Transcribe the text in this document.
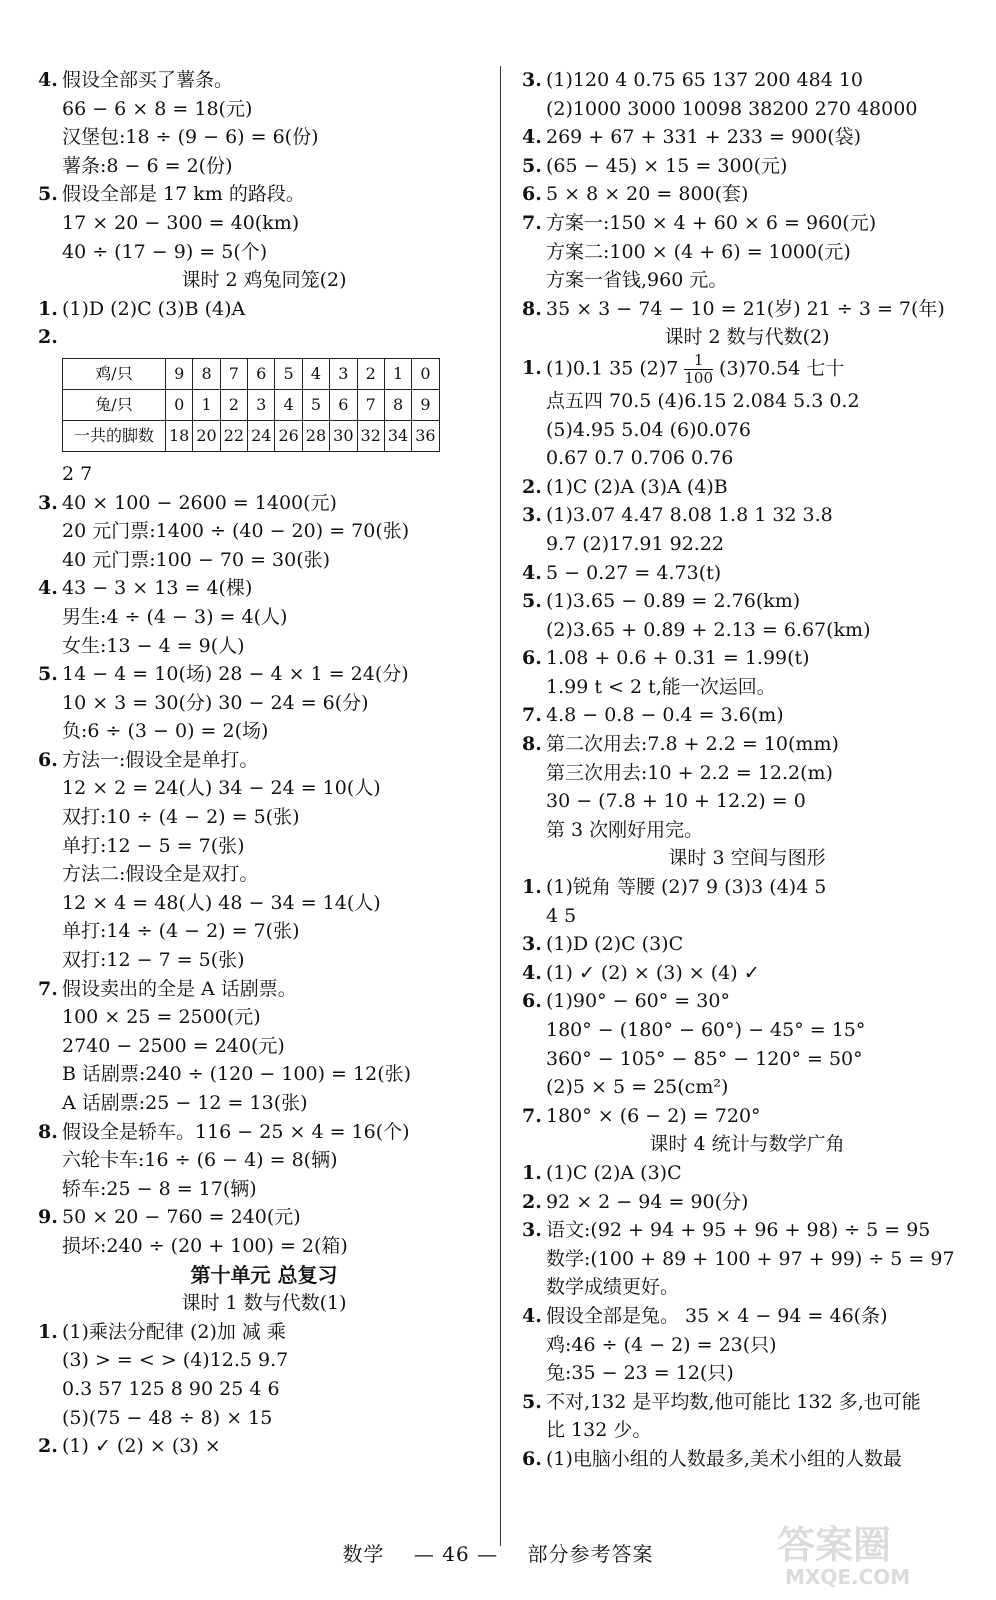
4. 假设全部买了薯条。
66 − 6 × 8 = 18(元)
汉堡包:18 ÷ (9 − 6) = 6(份)
薯条:8 − 6 = 2(份)
5. 假设全部是 17 km 的路段。
17 × 20 − 300 = 40(km)
40 ÷ (17 − 9) = 5(个)
课时 2 鸡兔同笼(2)
1. (1)D (2)C (3)B (4)A
2.
鸡/只	9	8	7	6	5	4	3	2	1	0
兔/只	0	1	2	3	4	5	6	7	8	9
一共的脚数	18	20	22	24	26	28	30	32	34	36
2 7
3. 40 × 100 − 2600 = 1400(元)
20 元门票:1400 ÷ (40 − 20) = 70(张)
40 元门票:100 − 70 = 30(张)
4. 43 − 3 × 13 = 4(棵)
男生:4 ÷ (4 − 3) = 4(人)
女生:13 − 4 = 9(人)
5. 14 − 4 = 10(场) 28 − 4 × 1 = 24(分)
10 × 3 = 30(分) 30 − 24 = 6(分)
负:6 ÷ (3 − 0) = 2(场)
6. 方法一:假设全是单打。
12 × 2 = 24(人) 34 − 24 = 10(人)
双打:10 ÷ (4 − 2) = 5(张)
单打:12 − 5 = 7(张)
方法二:假设全是双打。
12 × 4 = 48(人) 48 − 34 = 14(人)
单打:14 ÷ (4 − 2) = 7(张)
双打:12 − 7 = 5(张)
7. 假设卖出的全是 A 话剧票。
100 × 25 = 2500(元)
2740 − 2500 = 240(元)
B 话剧票:240 ÷ (120 − 100) = 12(张)
A 话剧票:25 − 12 = 13(张)
8. 假设全是轿车。116 − 25 × 4 = 16(个)
六轮卡车:16 ÷ (6 − 4) = 8(辆)
轿车:25 − 8 = 17(辆)
9. 50 × 20 − 760 = 240(元)
损坏:240 ÷ (20 + 100) = 2(箱)
第十单元 总复习
课时 1 数与代数(1)
1. (1)乘法分配律 (2)加 减 乘
(3) > = < > (4)12.5 9.7
0.3 57 125 8 90 25 4 6
(5)(75 − 48 ÷ 8) × 15
2. (1) ✓ (2) × (3) ×
3. (1)120 4 0.75 65 137 200 484 10
(2)1000 3000 10098 38200 270 48000
4. 269 + 67 + 331 + 233 = 900(袋)
5. (65 − 45) × 15 = 300(元)
6. 5 × 8 × 20 = 800(套)
7. 方案一:150 × 4 + 60 × 6 = 960(元)
方案二:100 × (4 + 6) = 1000(元)
方案一省钱,960 元。
8. 35 × 3 − 74 − 10 = 21(岁) 21 ÷ 3 = 7(年)
课时 2 数与代数(2)
1. (1)0.1 35 $(2)7 \frac{1}{100} (3)70.54$ 七十
点五四 70.5 (4)6.15 2.084 5.3 0.2
(5)4.95 5.04 (6)0.076
0.67 0.7 0.706 0.76
2. (1)C (2)A (3)A (4)B
3. (1)3.07 4.47 8.08 1.8 1 32 3.8
9.7 (2)17.91 92.22
4. 5 − 0.27 = 4.73(t)
5. (1)3.65 − 0.89 = 2.76(km)
(2)3.65 + 0.89 + 2.13 = 6.67(km)
6. 1.08 + 0.6 + 0.31 = 1.99(t)
1.99 t < 2 t,能一次运回。
7. 4.8 − 0.8 − 0.4 = 3.6(m)
8. 第二次用去:7.8 + 2.2 = 10(mm)
第三次用去:10 + 2.2 = 12.2(m)
30 − (7.8 + 10 + 12.2) = 0
第 3 次刚好用完。
课时 3 空间与图形
1. (1)锐角 等腰 (2)7 9 (3)3 (4)4 5
4 5
3. (1)D (2)C (3)C
4. (1) ✓ (2) × (3) × (4) ✓
6. (1)90° − 60° = 30°
180° − (180° − 60°) − 45° = 15°
360° − 105° − 85° − 120° = 50°
(2)5 × 5 = 25(cm²)
7. 180° × (6 − 2) = 720°
课时 4 统计与数学广角
1. (1)C (2)A (3)C
2. 92 × 2 − 94 = 90(分)
3. 语文:(92 + 94 + 95 + 96 + 98) ÷ 5 = 95
数学:(100 + 89 + 100 + 97 + 99) ÷ 5 = 97
数学成绩更好。
4. 假设全部是兔。 35 × 4 − 94 = 46(条)
鸡:46 ÷ (4 − 2) = 23(只)
兔:35 − 23 = 12(只)
5. 不对,132 是平均数,他可能比 132 多,也可能
比 132 少。
6. (1)电脑小组的人数最多,美术小组的人数最
数学 — 46 — 部分参考答案	答案圈
MXQE.COM
